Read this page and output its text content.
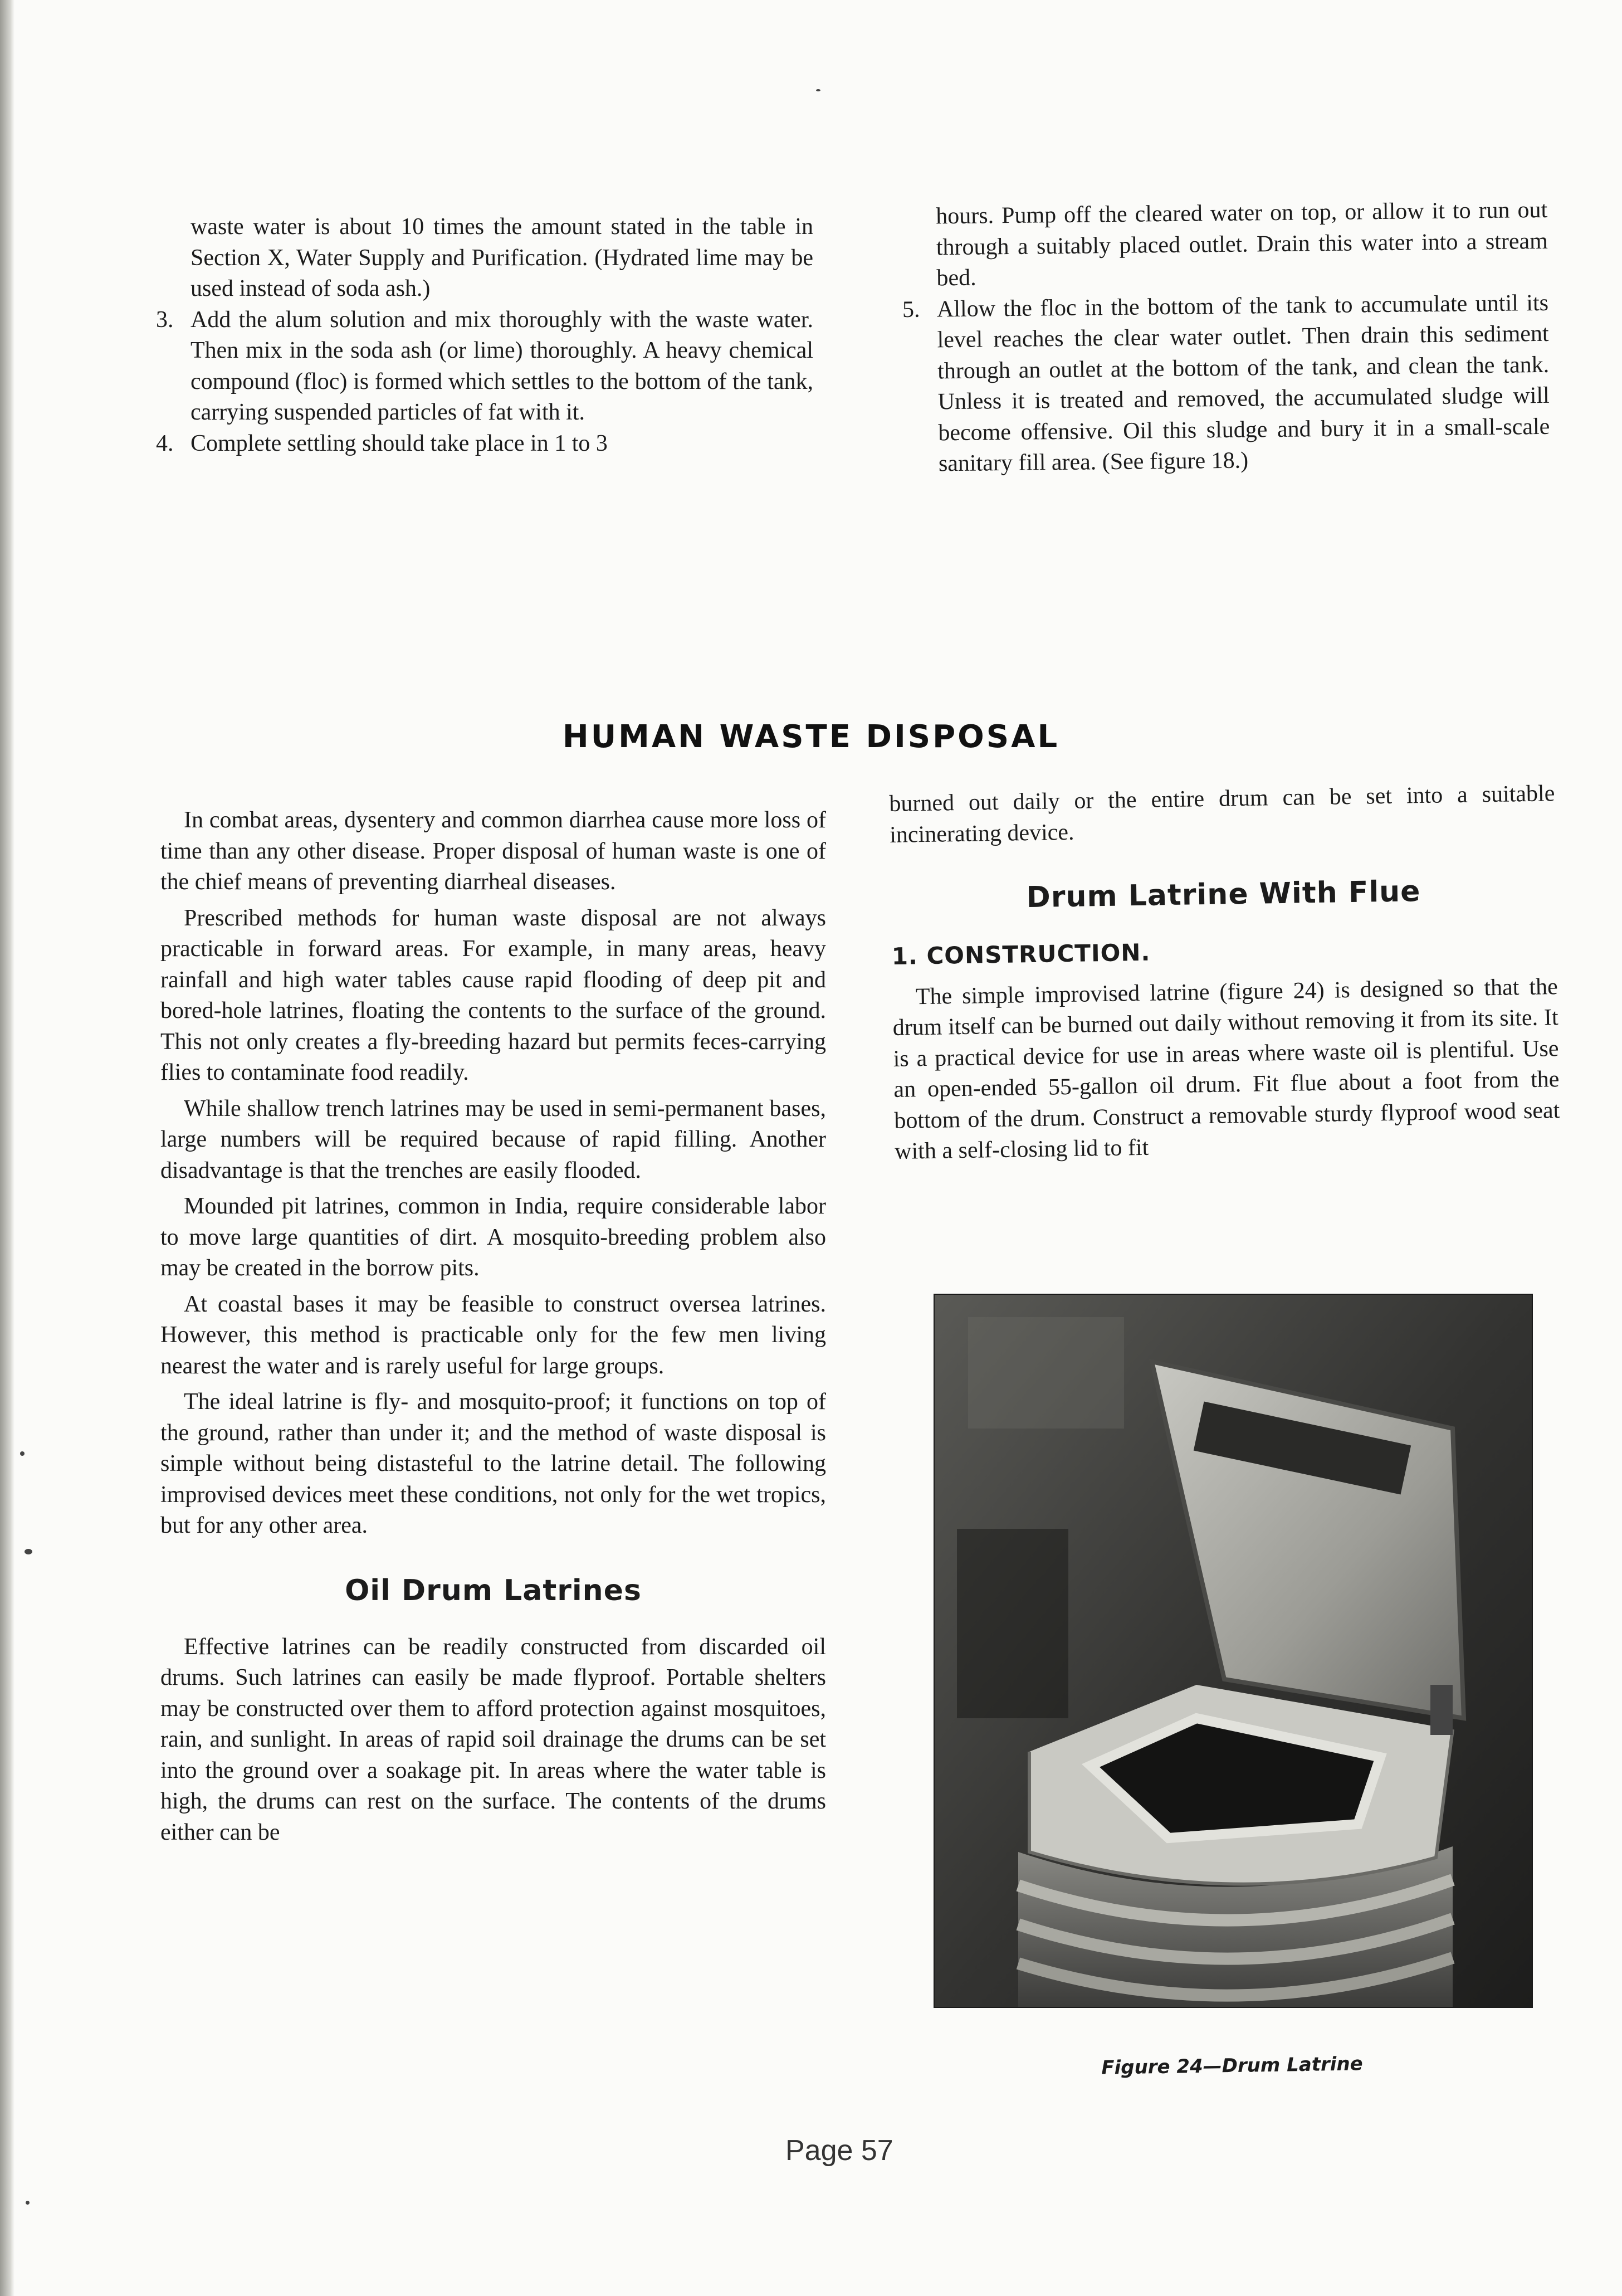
waste water is about 10 times the amount stated in the table in Section X, Water Supply and Purification. (Hydrated lime may be used instead of soda ash.)

3. Add the alum solution and mix thoroughly with the waste water. Then mix in the soda ash (or lime) thoroughly. A heavy chemical compound (floc) is formed which settles to the bottom of the tank, carrying suspended particles of fat with it.
4. Complete settling should take place in 1 to 3

hours. Pump off the cleared water on top, or allow it to run out through a suitably placed outlet. Drain this water into a stream bed.

5. Allow the floc in the bottom of the tank to accumulate until its level reaches the clear water outlet. Then drain this sediment through an outlet at the bottom of the tank, and clean the tank. Unless it is treated and removed, the accumulated sludge will become offensive. Oil this sludge and bury it in a small-scale sanitary fill area. (See figure 18.)
HUMAN WASTE DISPOSAL

In combat areas, dysentery and common diarrhea cause more loss of time than any other disease. Proper disposal of human waste is one of the chief means of preventing diarrheal diseases.

Prescribed methods for human waste disposal are not always practicable in forward areas. For example, in many areas, heavy rainfall and high water tables cause rapid flooding of deep pit and bored-hole latrines, floating the contents to the surface of the ground. This not only creates a fly-breeding hazard but permits feces-carrying flies to contaminate food readily.

While shallow trench latrines may be used in semi-permanent bases, large numbers will be required because of rapid filling. Another disadvantage is that the trenches are easily flooded.

Mounded pit latrines, common in India, require considerable labor to move large quantities of dirt. A mosquito-breeding problem also may be created in the borrow pits.

At coastal bases it may be feasible to construct oversea latrines. However, this method is practicable only for the few men living nearest the water and is rarely useful for large groups.

The ideal latrine is fly- and mosquito-proof; it functions on top of the ground, rather than under it; and the method of waste disposal is simple without being distasteful to the latrine detail. The following improvised devices meet these conditions, not only for the wet tropics, but for any other area.

Oil Drum Latrines

Effective latrines can be readily constructed from discarded oil drums. Such latrines can easily be made flyproof. Portable shelters may be constructed over them to afford protection against mosquitoes, rain, and sunlight. In areas of rapid soil drainage the drums can be set into the ground over a soakage pit. In areas where the water table is high, the drums can rest on the surface. The contents of the drums either can be

burned out daily or the entire drum can be set into a suitable incinerating device.

Drum Latrine With Flue
1. CONSTRUCTION.

The simple improvised latrine (figure 24) is designed so that the drum itself can be burned out daily without removing it from its site. It is a practical device for use in areas where waste oil is plentiful. Use an open-ended 55-gallon oil drum. Fit flue about a foot from the bottom of the drum. Construct a removable sturdy flyproof wood seat with a self-closing lid to fit

Figure 24—Drum Latrine
Page 57
